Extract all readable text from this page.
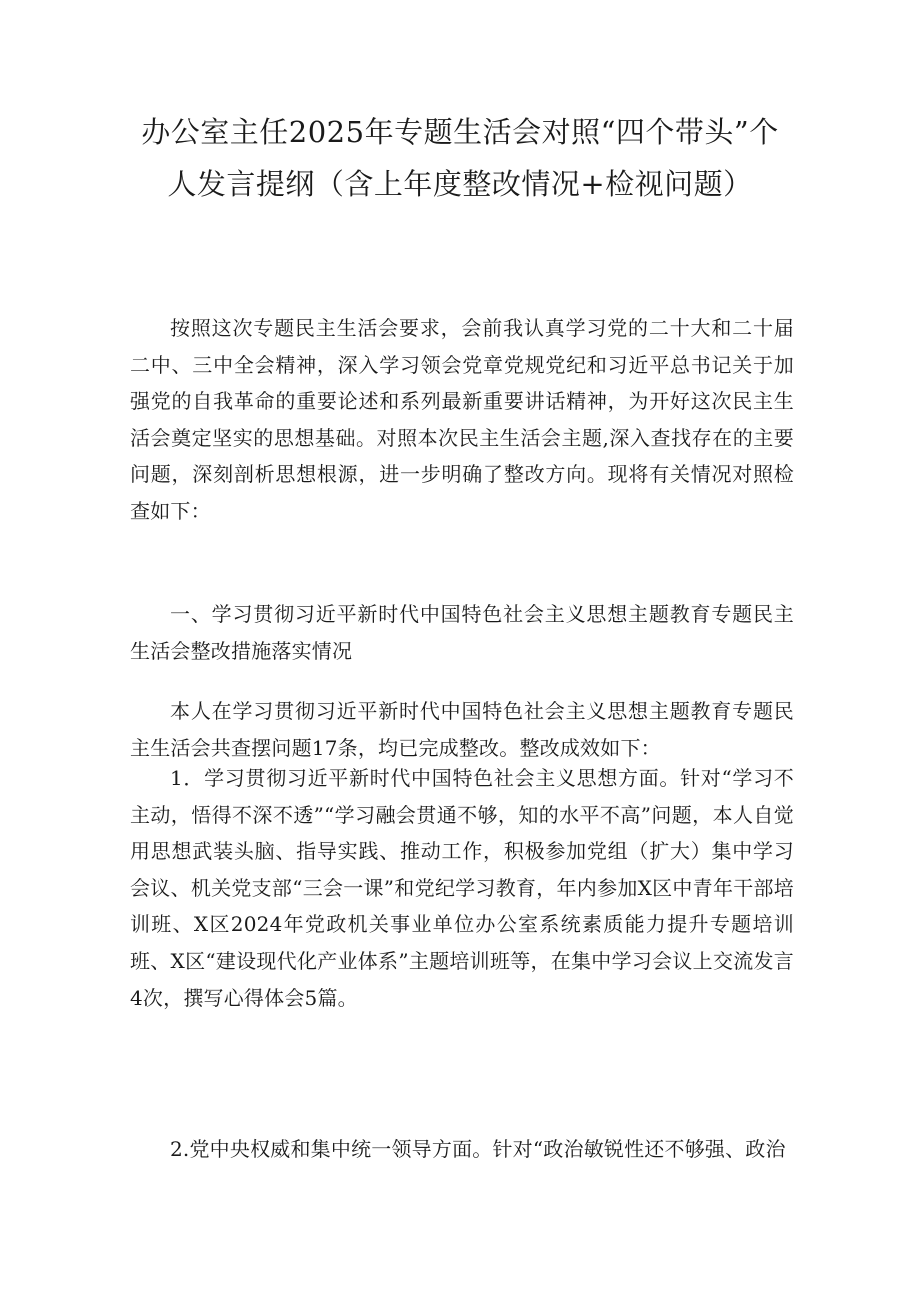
办公室主任2025年专题生活会对照“四个带头”个人发言提纲（含上年度整改情况+检视问题）

按照这次专题民主生活会要求，会前我认真学习党的二十大和二十届二中、三中全会精神，深入学习领会党章党规党纪和习近平总书记关于加强党的自我革命的重要论述和系列最新重要讲话精神，为开好这次民主生活会奠定坚实的思想基础。对照本次民主生活会主题,深入查找存在的主要问题，深刻剖析思想根源，进一步明确了整改方向。现将有关情况对照检查如下：

一、学习贯彻习近平新时代中国特色社会主义思想主题教育专题民主生活会整改措施落实情况

本人在学习贯彻习近平新时代中国特色社会主义思想主题教育专题民主生活会共查摆问题17条，均已完成整改。整改成效如下：

1．学习贯彻习近平新时代中国特色社会主义思想方面。针对“学习不主动，悟得不深不透”“学习融会贯通不够，知的水平不高”问题，本人自觉用思想武装头脑、指导实践、推动工作，积极参加党组（扩大）集中学习会议、机关党支部“三会一课”和党纪学习教育，年内参加X区中青年干部培训班、X区2024年党政机关事业单位办公室系统素质能力提升专题培训班、X区“建设现代化产业体系”主题培训班等，在集中学习会议上交流发言4次，撰写心得体会5篇。

2.党中央权威和集中统一领导方面。针对“政治敏锐性还不够强、政治
